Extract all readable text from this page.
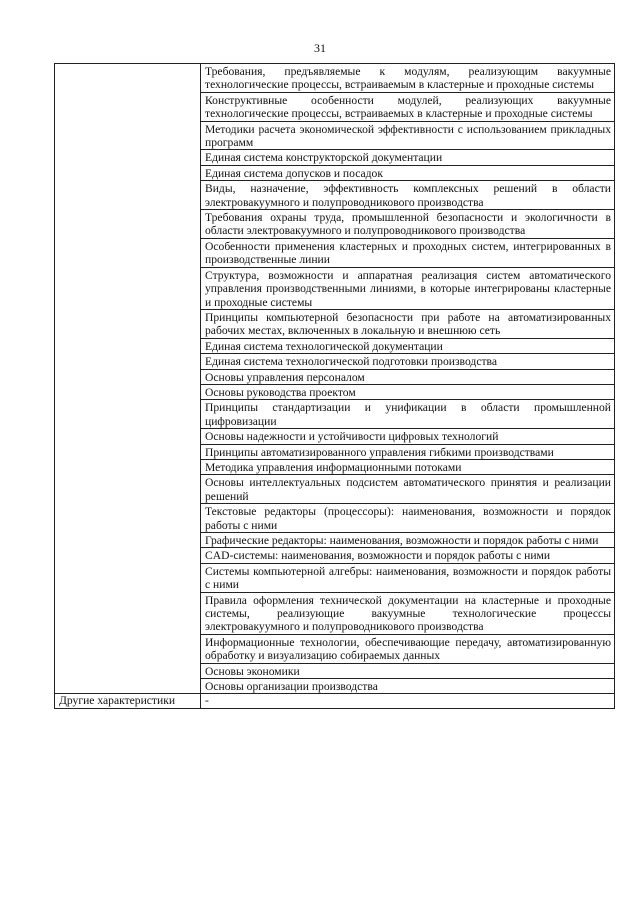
31
	Требования, предъявляемые к модулям, реализующим вакуумные технологические процессы, встраиваемым в кластерные и проходные системы
	Конструктивные особенности модулей, реализующих вакуумные технологические процессы, встраиваемых в кластерные и проходные системы
	Методики расчета экономической эффективности с использованием прикладных программ
	Единая система конструкторской документации
	Единая система допусков и посадок
	Виды, назначение, эффективность комплексных решений в области электровакуумного и полупроводникового производства
	Требования охраны труда, промышленной безопасности и экологичности в области электровакуумного и полупроводникового производства
	Особенности применения кластерных и проходных систем, интегрированных в производственные линии
	Структура, возможности и аппаратная реализация систем автоматического управления производственными линиями, в которые интегрированы кластерные и проходные системы
	Принципы компьютерной безопасности при работе на автоматизированных рабочих местах, включенных в локальную и внешнюю сеть
	Единая система технологической документации
	Единая система технологической подготовки производства
	Основы управления персоналом
	Основы руководства проектом
	Принципы стандартизации и унификации в области промышленной цифровизации
	Основы надежности и устойчивости цифровых технологий
	Принципы автоматизированного управления гибкими производствами
	Методика управления информационными потоками
	Основы интеллектуальных подсистем автоматического принятия и реализации решений
	Текстовые редакторы (процессоры): наименования, возможности и порядок работы с ними
	Графические редакторы: наименования, возможности и порядок работы с ними
	CAD-системы: наименования, возможности и порядок работы с ними
	Системы компьютерной алгебры: наименования, возможности и порядок работы с ними
	Правила оформления технической документации на кластерные и проходные системы, реализующие вакуумные технологические процессы электровакуумного и полупроводникового производства
	Информационные технологии, обеспечивающие передачу, автоматизированную обработку и визуализацию собираемых данных
	Основы экономики
	Основы организации производства
Другие характеристики	-
